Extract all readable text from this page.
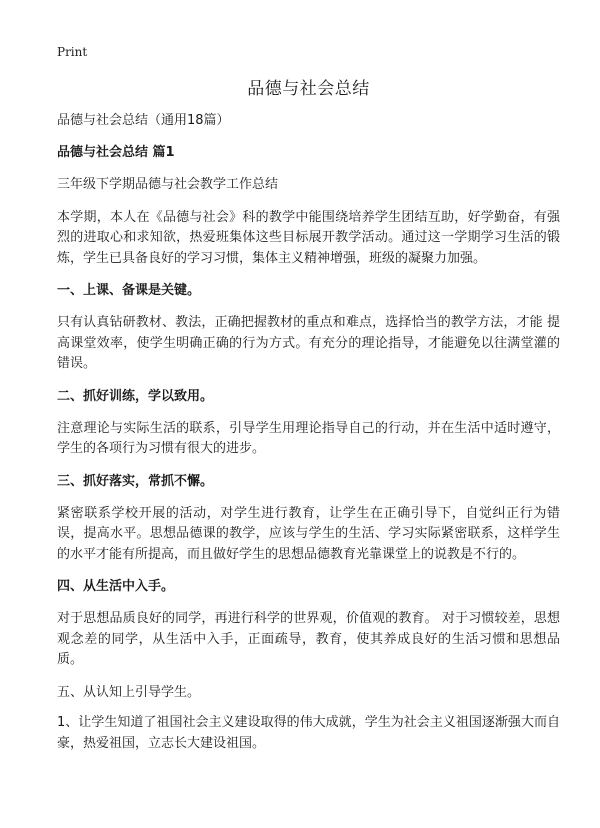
Print
品德与社会总结
品德与社会总结（通用18篇）
品德与社会总结 篇1
三年级下学期品德与社会教学工作总结
本学期，本人在《品德与社会》科的教学中能围绕培养学生团结互助，好学勤奋，有强烈的进取心和求知欲，热爱班集体这些目标展开教学活动。通过这一学期学习生活的锻炼，学生已具备良好的学习习惯，集体主义精神增强，班级的凝聚力加强。
一、上课、备课是关键。
只有认真钻研教材、教法，正确把握教材的重点和难点，选择恰当的教学方法，才能 提高课堂效率，使学生明确正确的行为方式。有充分的理论指导，才能避免以往满堂灌的错误。
二、抓好训练，学以致用。
注意理论与实际生活的联系，引导学生用理论指导自己的行动，并在生活中适时遵守，学生的各项行为习惯有很大的进步。
三、抓好落实，常抓不懈。
紧密联系学校开展的活动，对学生进行教育，让学生在正确引导下，自觉纠正行为错误，提高水平。思想品德课的教学，应该与学生的生活、学习实际紧密联系，这样学生的水平才能有所提高，而且做好学生的思想品德教育光靠课堂上的说教是不行的。
四、从生活中入手。
对于思想品质良好的同学，再进行科学的世界观，价值观的教育。 对于习惯较差，思想观念差的同学，从生活中入手，正面疏导，教育，使其养成良好的生活习惯和思想品质。
五、从认知上引导学生。
1、让学生知道了祖国社会主义建设取得的伟大成就，学生为社会主义祖国逐渐强大而自豪，热爱祖国，立志长大建设祖国。
